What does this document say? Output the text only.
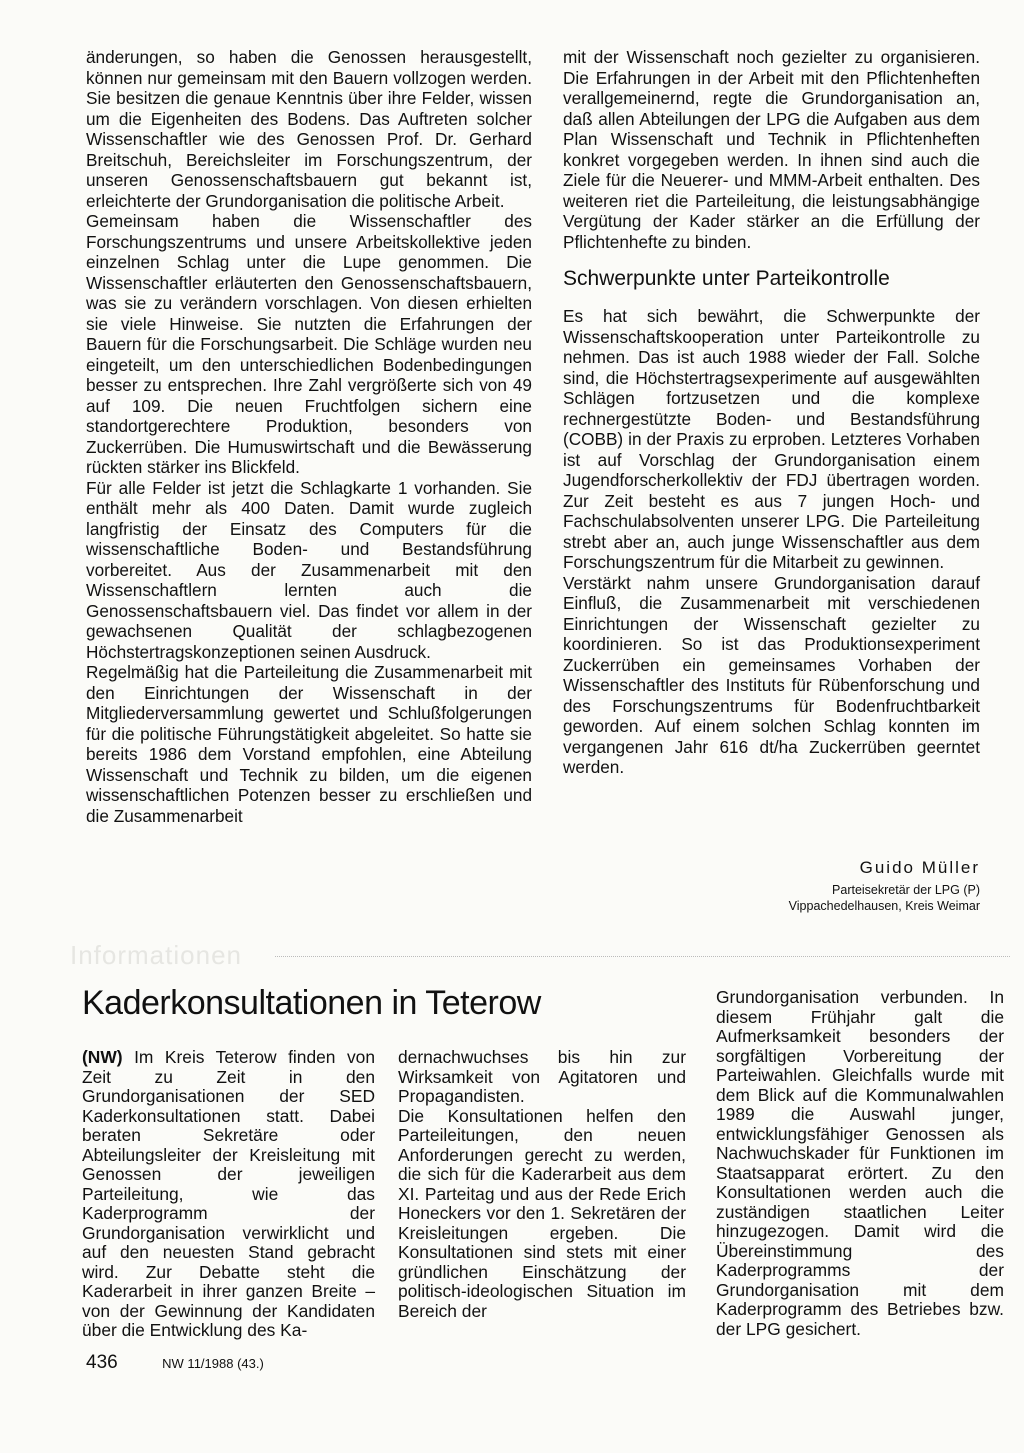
änderungen, so haben die Genossen herausgestellt, können nur gemeinsam mit den Bauern vollzogen werden. Sie besitzen die genaue Kenntnis über ihre Felder, wissen um die Eigenheiten des Bodens. Das Auftreten solcher Wissenschaftler wie des Genossen Prof. Dr. Gerhard Breitschuh, Bereichsleiter im Forschungszentrum, der unseren Genossenschaftsbauern gut bekannt ist, erleichterte der Grundorganisation die politische Arbeit.

Gemeinsam haben die Wissenschaftler des Forschungszentrums und unsere Arbeitskollektive jeden einzelnen Schlag unter die Lupe genommen. Die Wissenschaftler erläuterten den Genossenschaftsbauern, was sie zu verändern vorschlagen. Von diesen erhielten sie viele Hinweise. Sie nutzten die Erfahrungen der Bauern für die Forschungsarbeit. Die Schläge wurden neu eingeteilt, um den unterschiedlichen Bodenbedingungen besser zu entsprechen. Ihre Zahl vergrößerte sich von 49 auf 109. Die neuen Fruchtfolgen sichern eine standortgerechtere Produktion, besonders von Zuckerrüben. Die Humuswirtschaft und die Bewässerung rückten stärker ins Blickfeld.

Für alle Felder ist jetzt die Schlagkarte 1 vorhanden. Sie enthält mehr als 400 Daten. Damit wurde zugleich langfristig der Einsatz des Computers für die wissenschaftliche Boden- und Bestandsführung vorbereitet. Aus der Zusammenarbeit mit den Wissenschaftlern lernten auch die Genossenschaftsbauern viel. Das findet vor allem in der gewachsenen Qualität der schlagbezogenen Höchstertragskonzeptionen seinen Ausdruck.

Regelmäßig hat die Parteileitung die Zusammenarbeit mit den Einrichtungen der Wissenschaft in der Mitgliederversammlung gewertet und Schlußfolgerungen für die politische Führungstätigkeit abgeleitet. So hatte sie bereits 1986 dem Vorstand empfohlen, eine Abteilung Wissenschaft und Technik zu bilden, um die eigenen wissenschaftlichen Potenzen besser zu erschließen und die Zusammenarbeit

mit der Wissenschaft noch gezielter zu organisieren. Die Erfahrungen in der Arbeit mit den Pflichtenheften verallgemeinernd, regte die Grundorganisation an, daß allen Abteilungen der LPG die Aufgaben aus dem Plan Wissenschaft und Technik in Pflichtenheften konkret vorgegeben werden. In ihnen sind auch die Ziele für die Neuerer- und MMM-Arbeit enthalten. Des weiteren riet die Parteileitung, die leistungsabhängige Vergütung der Kader stärker an die Erfüllung der Pflichtenhefte zu binden.

Schwerpunkte unter Parteikontrolle

Es hat sich bewährt, die Schwerpunkte der Wissenschaftskooperation unter Parteikontrolle zu nehmen. Das ist auch 1988 wieder der Fall. Solche sind, die Höchstertragsexperimente auf ausgewählten Schlägen fortzusetzen und die komplexe rechnergestützte Boden- und Bestandsführung (COBB) in der Praxis zu erproben. Letzteres Vorhaben ist auf Vorschlag der Grundorganisation einem Jugendforscherkollektiv der FDJ übertragen worden. Zur Zeit besteht es aus 7 jungen Hoch- und Fachschulabsolventen unserer LPG. Die Parteileitung strebt aber an, auch junge Wissenschaftler aus dem Forschungszentrum für die Mitarbeit zu gewinnen.

Verstärkt nahm unsere Grundorganisation darauf Einfluß, die Zusammenarbeit mit verschiedenen Einrichtungen der Wissenschaft gezielter zu koordinieren. So ist das Produktionsexperiment Zuckerrüben ein gemeinsames Vorhaben der Wissenschaftler des Instituts für Rübenforschung und des Forschungszentrums für Bodenfruchtbarkeit geworden. Auf einem solchen Schlag konnten im vergangenen Jahr 616 dt/ha Zuckerrüben geerntet werden.

Guido Müller
Parteisekretär der LPG (P)
Vippachedelhausen, Kreis Weimar
Informationen
Kaderkonsultationen in Teterow

(NW) Im Kreis Teterow finden von Zeit zu Zeit in den Grundorganisationen der SED Kaderkonsultationen statt. Dabei beraten Sekretäre oder Abteilungsleiter der Kreisleitung mit Genossen der jeweiligen Parteileitung, wie das Kaderprogramm der Grundorganisation verwirklicht und auf den neuesten Stand gebracht wird. Zur Debatte steht die Kaderarbeit in ihrer ganzen Breite – von der Gewinnung der Kandidaten über die Entwicklung des Ka-

dernachwuchses bis hin zur Wirksamkeit von Agitatoren und Propagandisten.

Die Konsultationen helfen den Parteileitungen, den neuen Anforderungen gerecht zu werden, die sich für die Kaderarbeit aus dem XI. Parteitag und aus der Rede Erich Honeckers vor den 1. Sekretären der Kreisleitungen ergeben. Die Konsultationen sind stets mit einer gründlichen Einschätzung der politisch-ideologischen Situation im Bereich der

Grundorganisation verbunden. In diesem Frühjahr galt die Aufmerksamkeit besonders der sorgfältigen Vorbereitung der Parteiwahlen. Gleichfalls wurde mit dem Blick auf die Kommunalwahlen 1989 die Auswahl junger, entwicklungsfähiger Genossen als Nachwuchskader für Funktionen im Staatsapparat erörtert. Zu den Konsultationen werden auch die zuständigen staatlichen Leiter hinzugezogen. Damit wird die Übereinstimmung des Kaderprogramms der Grundorganisation mit dem Kaderprogramm des Betriebes bzw. der LPG gesichert.

436	NW 11/1988 (43.)
